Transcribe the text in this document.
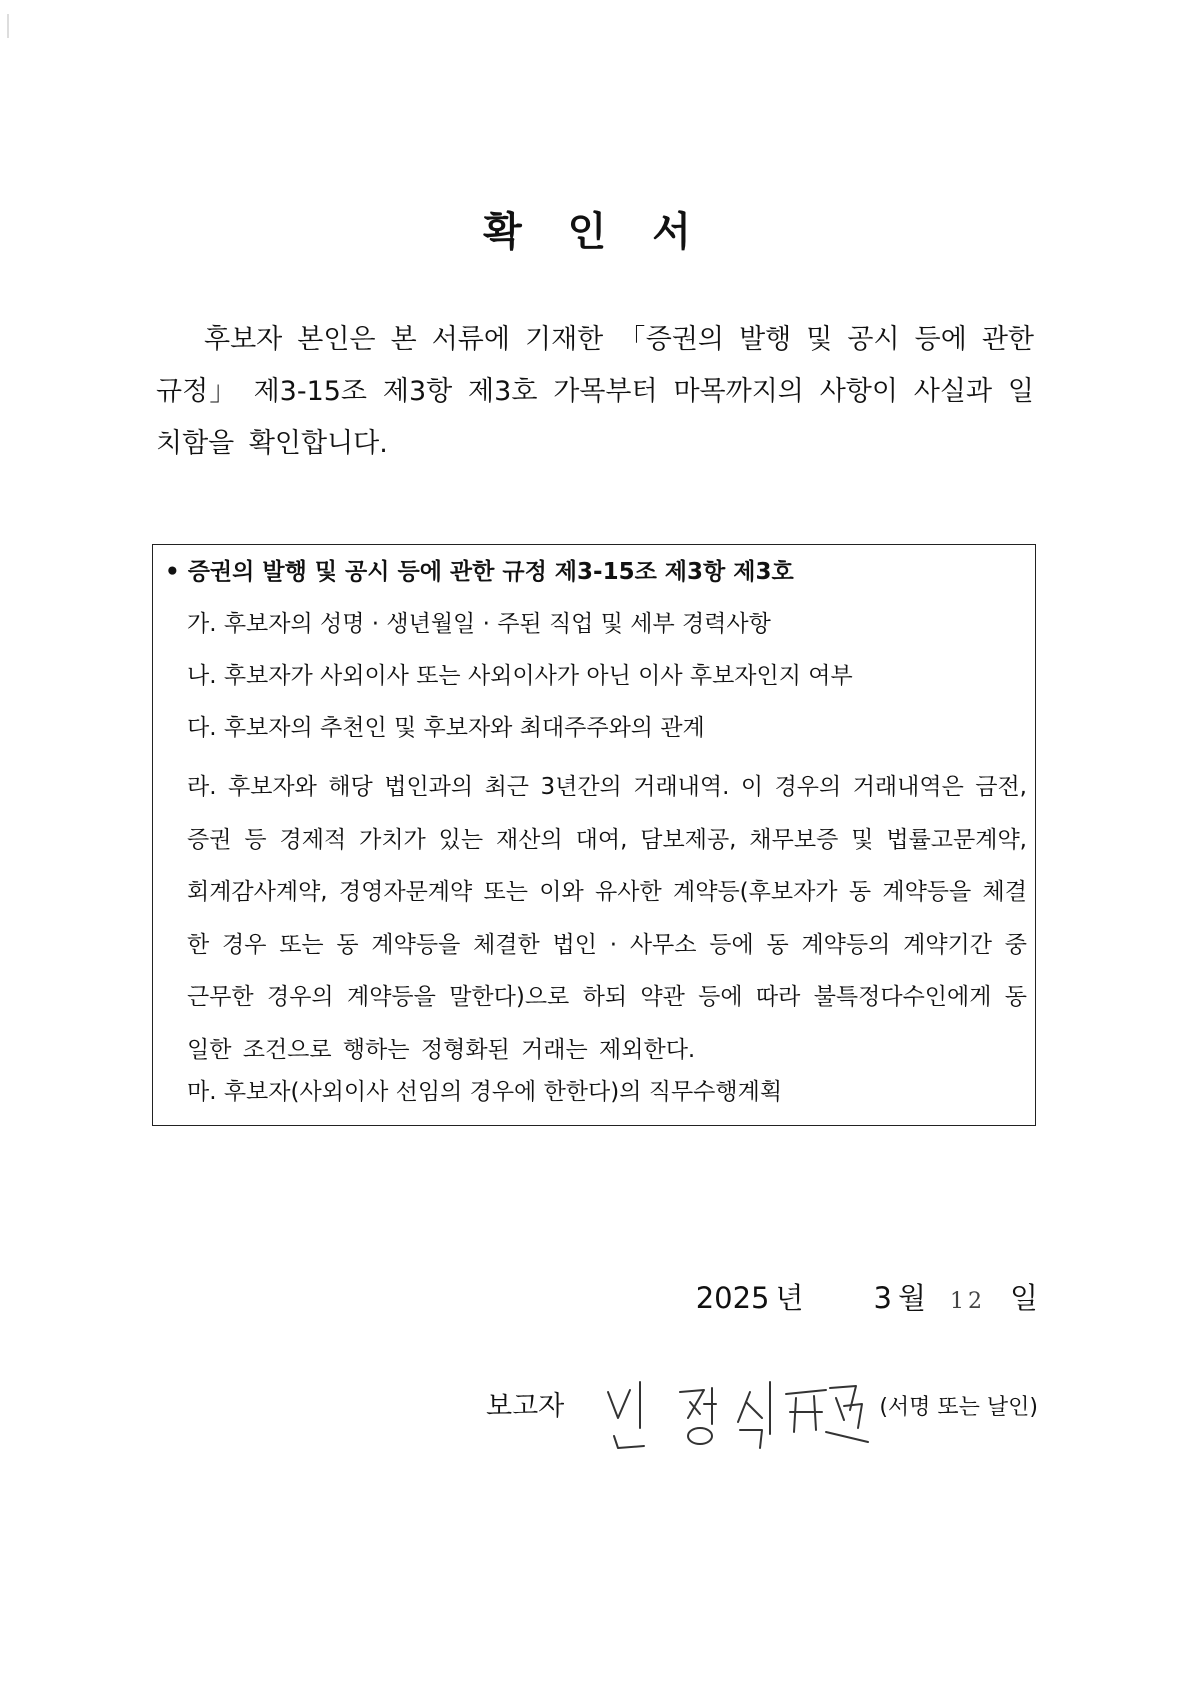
확 인 서
후보자 본인은 본 서류에 기재한 「증권의 발행 및 공시 등에 관한 규정」 제3-15조 제3항 제3호 가목부터 마목까지의 사항이 사실과 일치함을 확인합니다.
• 증권의 발행 및 공시 등에 관한 규정 제3-15조 제3항 제3호
가. 후보자의 성명 · 생년월일 · 주된 직업 및 세부 경력사항
나. 후보자가 사외이사 또는 사외이사가 아닌 이사 후보자인지 여부
다. 후보자의 추천인 및 후보자와 최대주주와의 관계
라. 후보자와 해당 법인과의 최근 3년간의 거래내역. 이 경우의 거래내역은 금전, 증권 등 경제적 가치가 있는 재산의 대여, 담보제공, 채무보증 및 법률고문계약, 회계감사계약, 경영자문계약 또는 이와 유사한 계약등(후보자가 동 계약등을 체결한 경우 또는 동 계약등을 체결한 법인 · 사무소 등에 동 계약등의 계약기간 중 근무한 경우의 계약등을 말한다)으로 하되 약관 등에 따라 불특정다수인에게 동일한 조건으로 행하는 정형화된 거래는 제외한다.
마. 후보자(사외이사 선임의 경우에 한한다)의 직무수행계획
2025 년 3 월 12 일
보고자	(서명 또는 날인)
